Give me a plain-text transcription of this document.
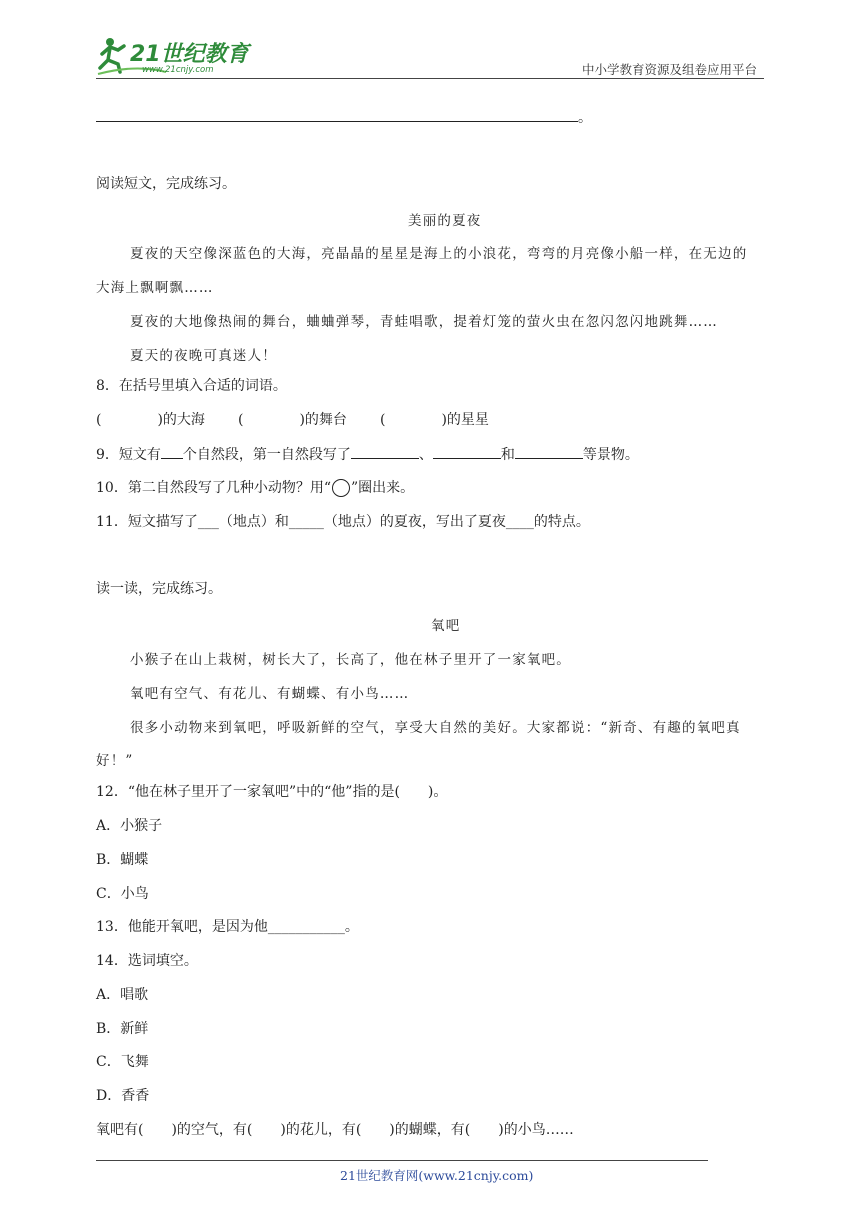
21世纪教育
www.21cnjy.com	中小学教育资源及组卷应用平台
。
阅读短文，完成练习。
美丽的夏夜
夏夜的天空像深蓝色的大海，亮晶晶的星星是海上的小浪花，弯弯的月亮像小船一样，在无边的
大海上飘啊飘……
夏夜的大地像热闹的舞台，蛐蛐弹琴，青蛙唱歌，提着灯笼的萤火虫在忽闪忽闪地跳舞……
夏天的夜晚可真迷人！
8．在括号里填入合适的词语。
(　　　　)的大海 (　　　　)的舞台 (　　　　)的星星
9．短文有 个自然段，第一自然段写了	、	和	等景物。
10．第二自然段写了几种小动物？用“ ”圈出来。
11．短文描写了___（地点）和_____（地点）的夏夜，写出了夏夜____的特点。
读一读，完成练习。
氧吧
小猴子在山上栽树，树长大了，长高了，他在林子里开了一家氧吧。
氧吧有空气、有花儿、有蝴蝶、有小鸟……
很多小动物来到氧吧，呼吸新鲜的空气，享受大自然的美好。大家都说：“新奇、有趣的氧吧真
好！”
12．“他在林子里开了一家氧吧”中的“他”指的是(　　)。
A．小猴子
B．蝴蝶
C．小鸟
13．他能开氧吧，是因为他___________。
14．选词填空。
A．唱歌
B．新鲜
C．飞舞
D．香香
氧吧有(　　)的空气，有(　　)的花儿，有(　　)的蝴蝶，有(　　)的小鸟……
21世纪教育网(www.21cnjy.com)
